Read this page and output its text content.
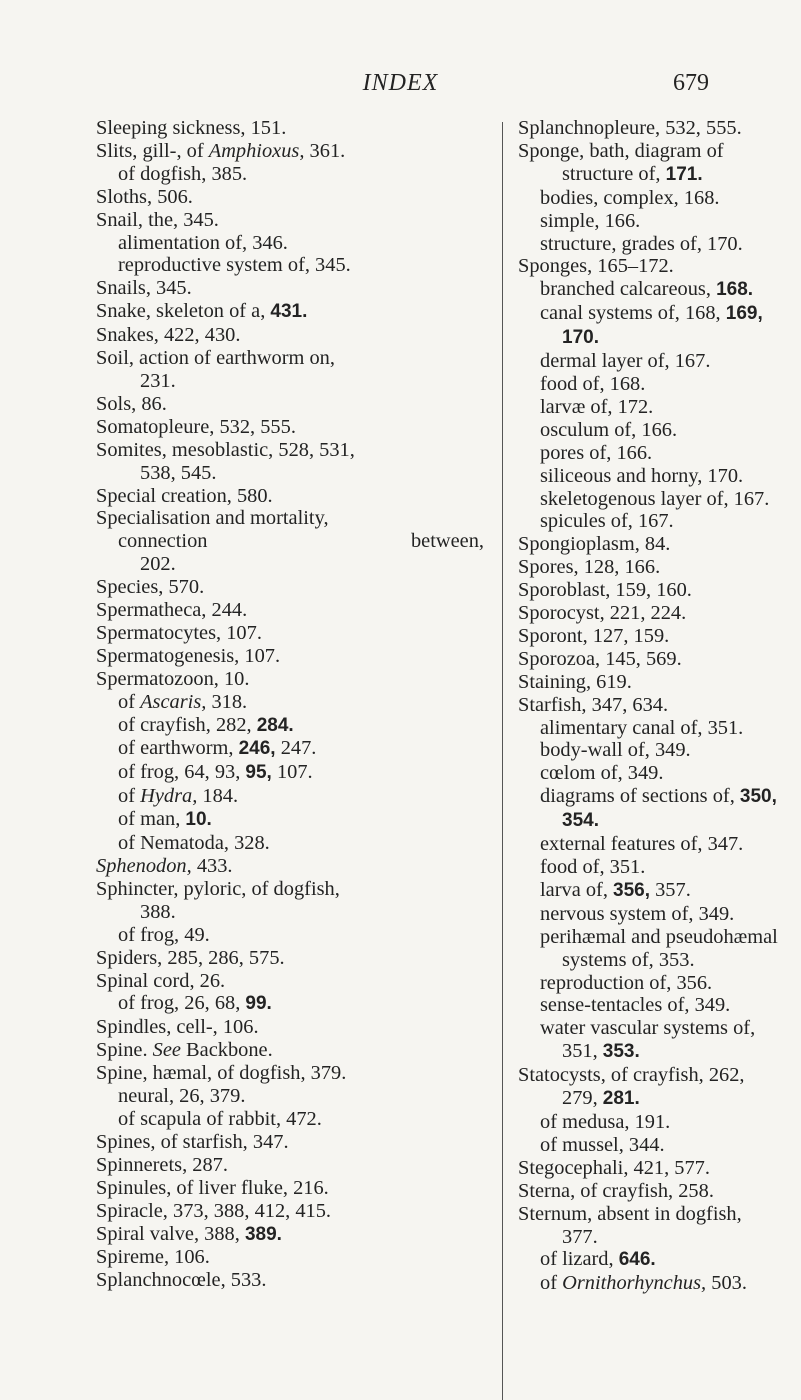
INDEX	679
Sleeping sickness, 151.
Slits, gill-, of Amphioxus, 361.
of dogfish, 385.
Sloths, 506.
Snail, the, 345.
alimentation of, 346.
reproductive system of, 345.
Snails, 345.
Snake, skeleton of a, 431.
Snakes, 422, 430.
Soil, action of earthworm on,
231.
Sols, 86.
Somatopleure, 532, 555.
Somites, mesoblastic, 528, 531,
538, 545.
Special creation, 580.
Specialisation and mortality,
connection	between,
202.
Species, 570.
Spermatheca, 244.
Spermatocytes, 107.
Spermatogenesis, 107.
Spermatozoon, 10.
of Ascaris, 318.
of crayfish, 282, 284.
of earthworm, 246, 247.
of frog, 64, 93, 95, 107.
of Hydra, 184.
of man, 10.
of Nematoda, 328.
Sphenodon, 433.
Sphincter, pyloric, of dogfish,
388.
of frog, 49.
Spiders, 285, 286, 575.
Spinal cord, 26.
of frog, 26, 68, 99.
Spindles, cell-, 106.
Spine. See Backbone.
Spine, hæmal, of dogfish, 379.
neural, 26, 379.
of scapula of rabbit, 472.
Spines, of starfish, 347.
Spinnerets, 287.
Spinules, of liver fluke, 216.
Spiracle, 373, 388, 412, 415.
Spiral valve, 388, 389.
Spireme, 106.
Splanchnocœle, 533.
Splanchnopleure, 532, 555.
Sponge, bath, diagram of
structure of, 171.
bodies, complex, 168.
simple, 166.
structure, grades of, 170.
Sponges, 165–172.
branched calcareous, 168.
canal systems of, 168, 169,
170.
dermal layer of, 167.
food of, 168.
larvæ of, 172.
osculum of, 166.
pores of, 166.
siliceous and horny, 170.
skeletogenous layer of, 167.
spicules of, 167.
Spongioplasm, 84.
Spores, 128, 166.
Sporoblast, 159, 160.
Sporocyst, 221, 224.
Sporont, 127, 159.
Sporozoa, 145, 569.
Staining, 619.
Starfish, 347, 634.
alimentary canal of, 351.
body-wall of, 349.
cœlom of, 349.
diagrams of sections of, 350,
354.
external features of, 347.
food of, 351.
larva of, 356, 357.
nervous system of, 349.
perihæmal and pseudohæmal
systems of, 353.
reproduction of, 356.
sense-tentacles of, 349.
water vascular systems of,
351, 353.
Statocysts, of crayfish, 262,
279, 281.
of medusa, 191.
of mussel, 344.
Stegocephali, 421, 577.
Sterna, of crayfish, 258.
Sternum, absent in dogfish,
377.
of lizard, 646.
of Ornithorhynchus, 503.
